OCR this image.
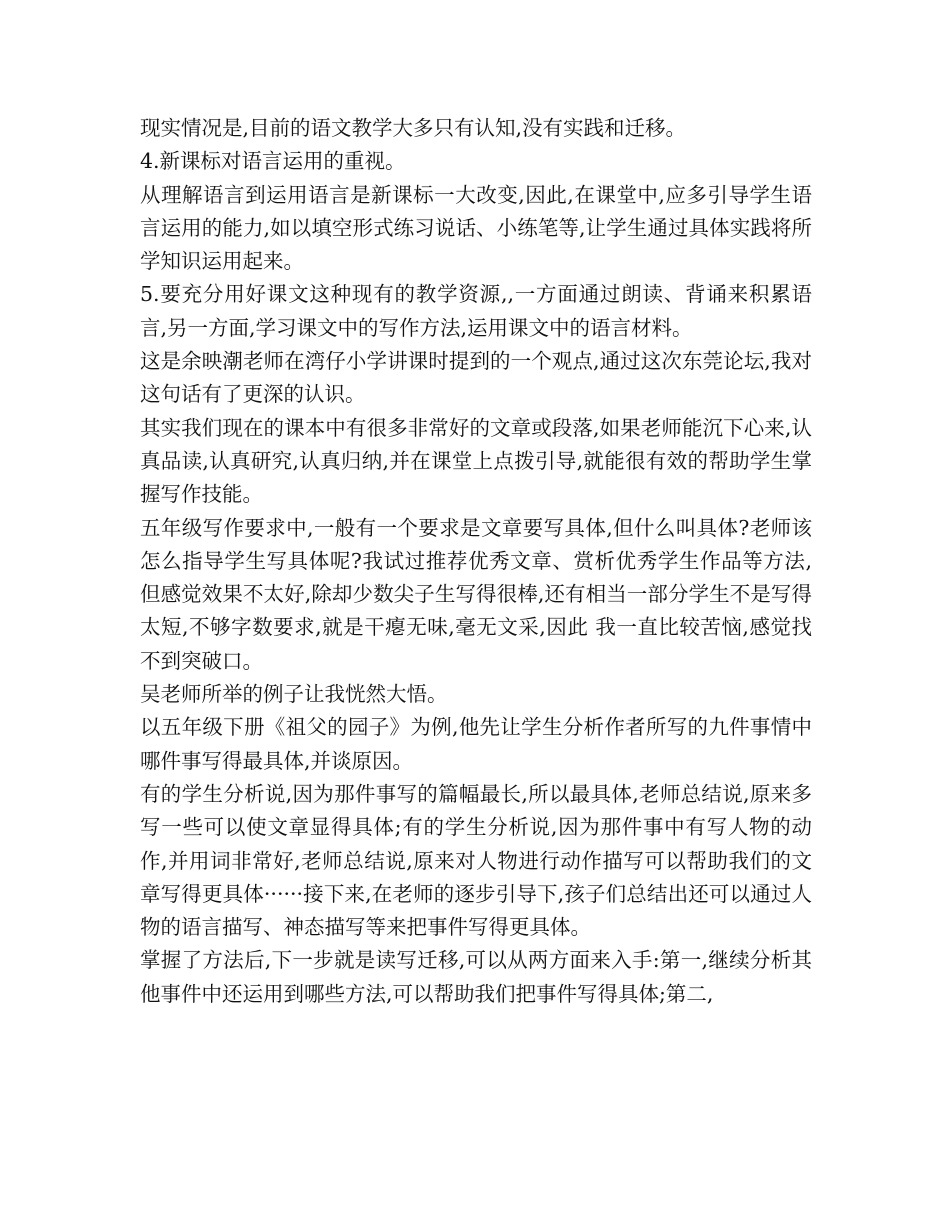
现实情况是,目前的语文教学大多只有认知,没有实践和迁移。

4.新课标对语言运用的重视。

从理解语言到运用语言是新课标一大改变,因此,在课堂中,应多引导学生语言运用的能力,如以填空形式练习说话、小练笔等,让学生通过具体实践将所学知识运用起来。

5.要充分用好课文这种现有的教学资源,,一方面通过朗读、背诵来积累语言,另一方面,学习课文中的写作方法,运用课文中的语言材料。

这是余映潮老师在湾仔小学讲课时提到的一个观点,通过这次东莞论坛,我对这句话有了更深的认识。

其实我们现在的课本中有很多非常好的文章或段落,如果老师能沉下心来,认真品读,认真研究,认真归纳,并在课堂上点拨引导,就能很有效的帮助学生掌握写作技能。

五年级写作要求中,一般有一个要求是文章要写具体,但什么叫具体?老师该怎么指导学生写具体呢?我试过推荐优秀文章、赏析优秀学生作品等方法,但感觉效果不太好,除却少数尖子生写得很棒,还有相当一部分学生不是写得太短,不够字数要求,就是干瘪无味,毫无文采,因此 我一直比较苦恼,感觉找不到突破口。

吴老师所举的例子让我恍然大悟。

以五年级下册《祖父的园子》为例,他先让学生分析作者所写的九件事情中哪件事写得最具体,并谈原因。

有的学生分析说,因为那件事写的篇幅最长,所以最具体,老师总结说,原来多写一些可以使文章显得具体;有的学生分析说,因为那件事中有写人物的动作,并用词非常好,老师总结说,原来对人物进行动作描写可以帮助我们的文章写得更具体······接下来,在老师的逐步引导下,孩子们总结出还可以通过人物的语言描写、神态描写等来把事件写得更具体。

掌握了方法后,下一步就是读写迁移,可以从两方面来入手:第一,继续分析其他事件中还运用到哪些方法,可以帮助我们把事件写得具体;第二,
